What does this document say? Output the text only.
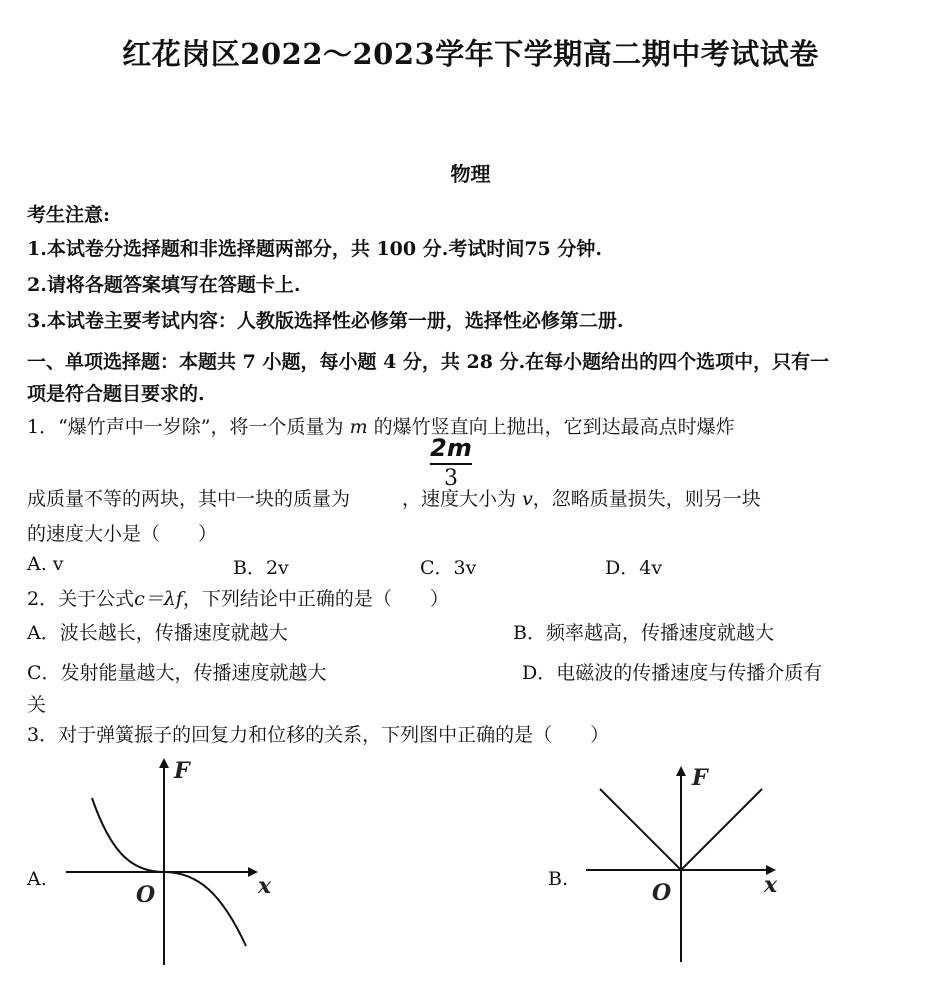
红花岗区2022～2023学年下学期高二期中考试试卷
物理
考生注意:
1.本试卷分选择题和非选择题两部分，共 100 分.考试时间75 分钟.
2.请将各题答案填写在答题卡上.
3.本试卷主要考试内容：人教版选择性必修第一册，选择性必修第二册.
一、单项选择题：本题共 7 小题，每小题 4 分，共 28 分.在每小题给出的四个选项中，只有一
项是符合题目要求的.
1．“爆竹声中一岁除”，将一个质量为 m 的爆竹竖直向上抛出，它到达最高点时爆炸
2m
3
成质量不等的两块，其中一块的质量为	，速度大小为 v，忽略质量损失，则另一块
的速度大小是（　　）
A. v	B．2v	C．3v	D．4v
2．关于公式c＝λf，下列结论中正确的是（　　）
A．波长越长，传播速度就越大	B．频率越高，传播速度就越大
C．发射能量越大，传播速度就越大	D．电磁波的传播速度与传播介质有
关
3．对于弹簧振子的回复力和位移的关系，下列图中正确的是（　　）
A.	B.
F
x
O
F
x
O
